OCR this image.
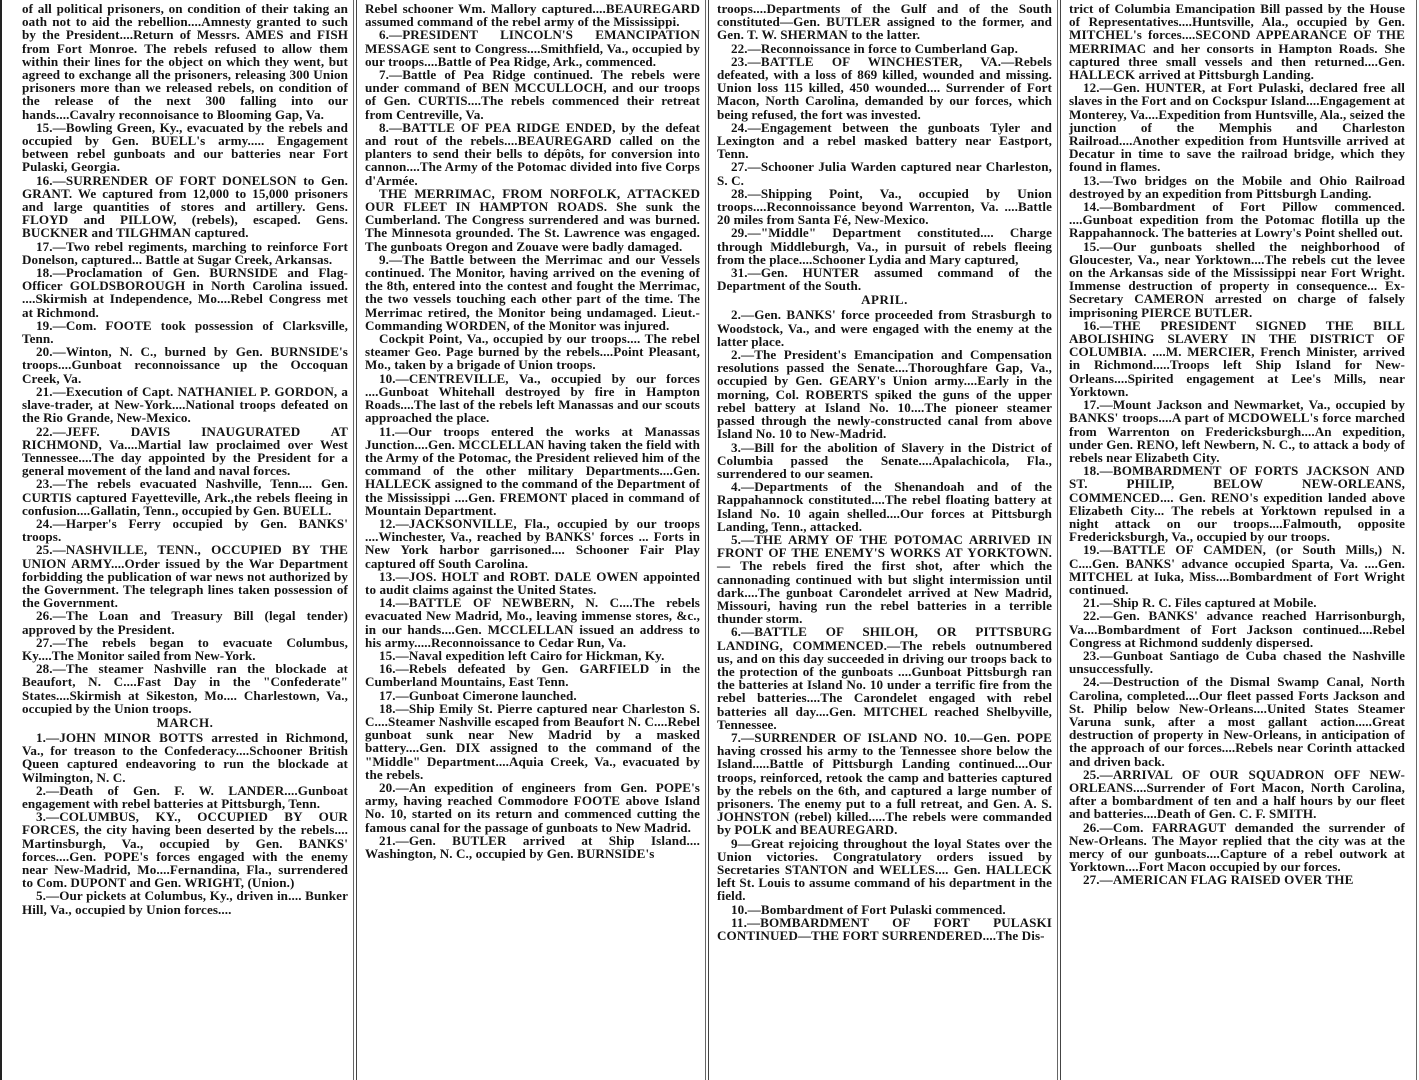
of all political prisoners, on condition of their taking an oath not to aid the rebellion....Amnesty granted to such by the President....Return of Messrs. AMES and FISH from Fort Monroe. The rebels refused to allow them within their lines for the object on which they went, but agreed to exchange all the prisoners, releasing 300 Union prisoners more than we released rebels, on condition of the release of the next 300 falling into our hands....Cavalry reconnoisance to Blooming Gap, Va.

15.—Bowling Green, Ky., evacuated by the rebels and occupied by Gen. BUELL's army..... Engagement between rebel gunboats and our batteries near Fort Pulaski, Georgia.

16.—SURRENDER OF FORT DONELSON to Gen. GRANT. We captured from 12,000 to 15,000 prisoners and large quantities of stores and artillery. Gens. FLOYD and PILLOW, (rebels), escaped. Gens. BUCKNER and TILGHMAN captured.

17.—Two rebel regiments, marching to reinforce Fort Donelson, captured... Battle at Sugar Creek, Arkansas.

18.—Proclamation of Gen. BURNSIDE and Flag-Officer GOLDSBOROUGH in North Carolina issued. ....Skirmish at Independence, Mo....Rebel Congress met at Richmond.

19.—Com. FOOTE took possession of Clarksville, Tenn.

20.—Winton, N. C., burned by Gen. BURNSIDE's troops....Gunboat reconnoissance up the Occoquan Creek, Va.

21.—Execution of Capt. NATHANIEL P. GORDON, a slave-trader, at New-York....National troops defeated on the Rio Grande, New-Mexico.

22.—JEFF. DAVIS INAUGURATED AT RICHMOND, Va....Martial law proclaimed over West Tennessee....The day appointed by the President for a general movement of the land and naval forces.

23.—The rebels evacuated Nashville, Tenn.... Gen. CURTIS captured Fayetteville, Ark.,the rebels fleeing in confusion....Gallatin, Tenn., occupied by Gen. BUELL.

24.—Harper's Ferry occupied by Gen. BANKS' troops.

25.—NASHVILLE, TENN., OCCUPIED BY THE UNION ARMY....Order issued by the War Department forbidding the publication of war news not authorized by the Government. The telegraph lines taken possession of the Government.

26.—The Loan and Treasury Bill (legal tender) approved by the President.

27.—The rebels began to evacuate Columbus, Ky....The Monitor sailed from New-York.

28.—The steamer Nashville ran the blockade at Beaufort, N. C....Fast Day in the "Confederate" States....Skirmish at Sikeston, Mo.... Charlestown, Va., occupied by the Union troops.

MARCH.

1.—JOHN MINOR BOTTS arrested in Richmond, Va., for treason to the Confederacy....Schooner British Queen captured endeavoring to run the blockade at Wilmington, N. C.

2.—Death of Gen. F. W. LANDER....Gunboat engagement with rebel batteries at Pittsburgh, Tenn.

3.—COLUMBUS, KY., OCCUPIED BY OUR FORCES, the city having been deserted by the rebels.... Martinsburgh, Va., occupied by Gen. BANKS' forces....Gen. POPE's forces engaged with the enemy near New-Madrid, Mo....Fernandina, Fla., surrendered to Com. DUPONT and Gen. WRIGHT, (Union.)

5.—Our pickets at Columbus, Ky., driven in.... Bunker Hill, Va., occupied by Union forces....

Rebel schooner Wm. Mallory captured....BEAUREGARD assumed command of the rebel army of the Mississippi.

6.—PRESIDENT LINCOLN'S EMANCIPATION MESSAGE sent to Congress....Smithfield, Va., occupied by our troops....Battle of Pea Ridge, Ark., commenced.

7.—Battle of Pea Ridge continued. The rebels were under command of BEN MCCULLOCH, and our troops of Gen. CURTIS....The rebels commenced their retreat from Centreville, Va.

8.—BATTLE OF PEA RIDGE ENDED, by the defeat and rout of the rebels....BEAUREGARD called on the planters to send their bells to dépôts, for conversion into cannon....The Army of the Potomac divided into five Corps d'Armée.

THE MERRIMAC, FROM NORFOLK, ATTACKED OUR FLEET IN HAMPTON ROADS. She sunk the Cumberland. The Congress surrendered and was burned. The Minnesota grounded. The St. Lawrence was engaged. The gunboats Oregon and Zouave were badly damaged.

9.—The Battle between the Merrimac and our Vessels continued. The Monitor, having arrived on the evening of the 8th, entered into the contest and fought the Merrimac, the two vessels touching each other part of the time. The Merrimac retired, the Monitor being undamaged. Lieut.-Commanding WORDEN, of the Monitor was injured.

Cockpit Point, Va., occupied by our troops.... The rebel steamer Geo. Page burned by the rebels....Point Pleasant, Mo., taken by a brigade of Union troops.

10.—CENTREVILLE, Va., occupied by our forces ....Gunboat Whitehall destroyed by fire in Hampton Roads....The last of the rebels left Manassas and our scouts approached the place.

11.—Our troops entered the works at Manassas Junction....Gen. MCCLELLAN having taken the field with the Army of the Potomac, the President relieved him of the command of the other military Departments....Gen. HALLECK assigned to the command of the Department of the Mississippi ....Gen. FREMONT placed in command of Mountain Department.

12.—JACKSONVILLE, Fla., occupied by our troops ....Winchester, Va., reached by BANKS' forces ... Forts in New York harbor garrisoned.... Schooner Fair Play captured off South Carolina.

13.—JOS. HOLT and ROBT. DALE OWEN appointed to audit claims against the United States.

14.—BATTLE OF NEWBERN, N. C....The rebels evacuated New Madrid, Mo., leaving immense stores, &c., in our hands....Gen. MCCLELLAN issued an address to his army.....Reconnoissance to Cedar Run, Va.

15.—Naval expedition left Cairo for Hickman, Ky.

16.—Rebels defeated by Gen. GARFIELD in the Cumberland Mountains, East Tenn.

17.—Gunboat Cimerone launched.

18.—Ship Emily St. Pierre captured near Charleston S. C....Steamer Nashville escaped from Beaufort N. C....Rebel gunboat sunk near New Madrid by a masked battery....Gen. DIX assigned to the command of the "Middle" Department....Aquia Creek, Va., evacuated by the rebels.

20.—An expedition of engineers from Gen. POPE's army, having reached Commodore FOOTE above Island No. 10, started on its return and commenced cutting the famous canal for the passage of gunboats to New Madrid.

21.—Gen. BUTLER arrived at Ship Island.... Washington, N. C., occupied by Gen. BURNSIDE's

troops....Departments of the Gulf and of the South constituted—Gen. BUTLER assigned to the former, and Gen. T. W. SHERMAN to the latter.

22.—Reconnoissance in force to Cumberland Gap.

23.—BATTLE OF WINCHESTER, VA.—Rebels defeated, with a loss of 869 killed, wounded and missing. Union loss 115 killed, 450 wounded.... Surrender of Fort Macon, North Carolina, demanded by our forces, which being refused, the fort was invested.

24.—Engagement between the gunboats Tyler and Lexington and a rebel masked battery near Eastport, Tenn.

27.—Schooner Julia Warden captured near Charleston, S. C.

28.—Shipping Point, Va., occupied by Union troops....Reconnoissance beyond Warrenton, Va. ....Battle 20 miles from Santa Fé, New-Mexico.

29.—"Middle" Department constituted.... Charge through Middleburgh, Va., in pursuit of rebels fleeing from the place....Schooner Lydia and Mary captured,

31.—Gen. HUNTER assumed command of the Department of the South.

APRIL.

2.—Gen. BANKS' force proceeded from Strasburgh to Woodstock, Va., and were engaged with the enemy at the latter place.

2.—The President's Emancipation and Compensation resolutions passed the Senate....Thoroughfare Gap, Va., occupied by Gen. GEARY's Union army....Early in the morning, Col. ROBERTS spiked the guns of the upper rebel battery at Island No. 10....The pioneer steamer passed through the newly-constructed canal from above Island No. 10 to New-Madrid.

3.—Bill for the abolition of Slavery in the District of Columbia passed the Senate....Apalachicola, Fla., surrendered to our seamen.

4.—Departments of the Shenandoah and of the Rappahannock constituted....The rebel floating battery at Island No. 10 again shelled....Our forces at Pittsburgh Landing, Tenn., attacked.

5.—THE ARMY OF THE POTOMAC ARRIVED IN FRONT OF THE ENEMY'S WORKS AT YORKTOWN.— The rebels fired the first shot, after which the cannonading continued with but slight intermission until dark....The gunboat Carondelet arrived at New Madrid, Missouri, having run the rebel batteries in a terrible thunder storm.

6.—BATTLE OF SHILOH, OR PITTSBURG LANDING, COMMENCED.—The rebels outnumbered us, and on this day succeeded in driving our troops back to the protection of the gunboats ....Gunboat Pittsburgh ran the batteries at Island No. 10 under a terrific fire from the rebel batteries....The Carondelet engaged with rebel batteries all day....Gen. MITCHEL reached Shelbyville, Tennessee.

7.—SURRENDER OF ISLAND NO. 10.—Gen. POPE having crossed his army to the Tennessee shore below the Island.....Battle of Pittsburgh Landing continued....Our troops, reinforced, retook the camp and batteries captured by the rebels on the 6th, and captured a large number of prisoners. The enemy put to a full retreat, and Gen. A. S. JOHNSTON (rebel) killed.....The rebels were commanded by POLK and BEAUREGARD.

9—Great rejoicing throughout the loyal States over the Union victories. Congratulatory orders issued by Secretaries STANTON and WELLES.... Gen. HALLECK left St. Louis to assume command of his department in the field.

10.—Bombardment of Fort Pulaski commenced.

11.—BOMBARDMENT OF FORT PULASKI CONTINUED—THE FORT SURRENDERED....The Dis-

trict of Columbia Emancipation Bill passed by the House of Representatives....Huntsville, Ala., occupied by Gen. MITCHEL's forces....SECOND APPEARANCE OF THE MERRIMAC and her consorts in Hampton Roads. She captured three small vessels and then returned....Gen. HALLECK arrived at Pittsburgh Landing.

12.—Gen. HUNTER, at Fort Pulaski, declared free all slaves in the Fort and on Cockspur Island....Engagement at Monterey, Va....Expedition from Huntsville, Ala., seized the junction of the Memphis and Charleston Railroad....Another expedition from Huntsville arrived at Decatur in time to save the railroad bridge, which they found in flames.

13.—Two bridges on the Mobile and Ohio Railroad destroyed by an expedition from Pittsburgh Landing.

14.—Bombardment of Fort Pillow commenced. ....Gunboat expedition from the Potomac flotilla up the Rappahannock. The batteries at Lowry's Point shelled out.

15.—Our gunboats shelled the neighborhood of Gloucester, Va., near Yorktown....The rebels cut the levee on the Arkansas side of the Mississippi near Fort Wright. Immense destruction of property in consequence... Ex-Secretary CAMERON arrested on charge of falsely imprisoning PIERCE BUTLER.

16.—THE PRESIDENT SIGNED THE BILL ABOLISHING SLAVERY IN THE DISTRICT OF COLUMBIA. ....M. MERCIER, French Minister, arrived in Richmond.....Troops left Ship Island for New-Orleans....Spirited engagement at Lee's Mills, near Yorktown.

17.—Mount Jackson and Newmarket, Va., occupied by BANKS' troops....A part of MCDOWELL's force marched from Warrenton on Fredericksburgh....An expedition, under Gen. RENO, left Newbern, N. C., to attack a body of rebels near Elizabeth City.

18.—BOMBARDMENT OF FORTS JACKSON AND ST. PHILIP, BELOW NEW-ORLEANS, COMMENCED.... Gen. RENO's expedition landed above Elizabeth City... The rebels at Yorktown repulsed in a night attack on our troops....Falmouth, opposite Fredericksburgh, Va., occupied by our troops.

19.—BATTLE OF CAMDEN, (or South Mills,) N. C....Gen. BANKS' advance occupied Sparta, Va. ....Gen. MITCHEL at Iuka, Miss....Bombardment of Fort Wright continued.

21.—Ship R. C. Files captured at Mobile.

22.—Gen. BANKS' advance reached Harrisonburgh, Va....Bombardment of Fort Jackson continued....Rebel Congress at Richmond suddenly dispersed.

23.—Gunboat Santiago de Cuba chased the Nashville unsuccessfully.

24.—Destruction of the Dismal Swamp Canal, North Carolina, completed....Our fleet passed Forts Jackson and St. Philip below New-Orleans....United States Steamer Varuna sunk, after a most gallant action.....Great destruction of property in New-Orleans, in anticipation of the approach of our forces....Rebels near Corinth attacked and driven back.

25.—ARRIVAL OF OUR SQUADRON OFF NEW-ORLEANS....Surrender of Fort Macon, North Carolina, after a bombardment of ten and a half hours by our fleet and batteries....Death of Gen. C. F. SMITH.

26.—Com. FARRAGUT demanded the surrender of New-Orleans. The Mayor replied that the city was at the mercy of our gunboats....Capture of a rebel outwork at Yorktown....Fort Macon occupied by our forces.

27.—AMERICAN FLAG RAISED OVER THE
